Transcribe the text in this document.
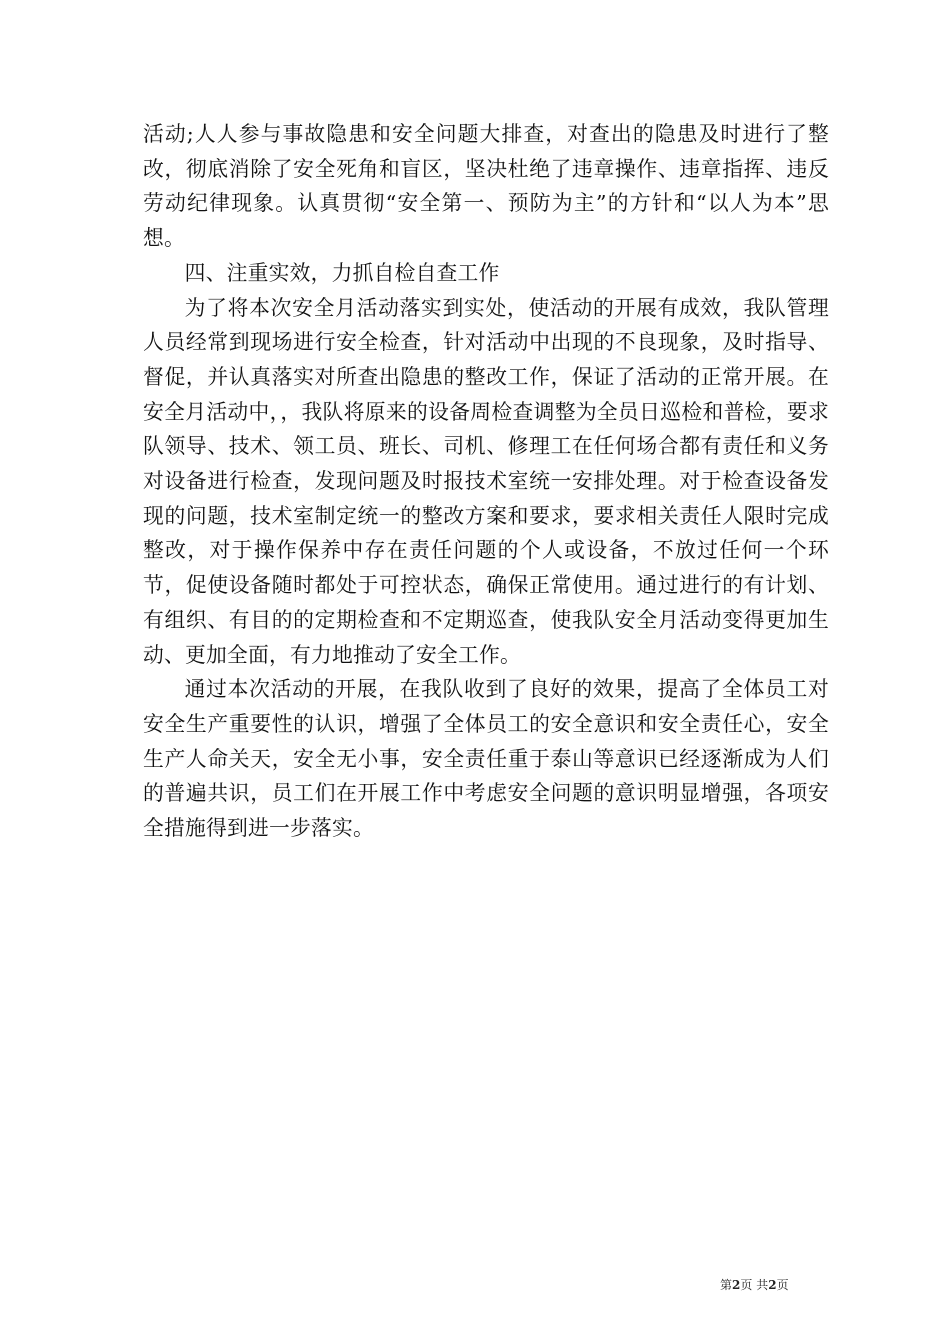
活动;人人参与事故隐患和安全问题大排查，对查出的隐患及时进行了整改，彻底消除了安全死角和盲区，坚决杜绝了违章操作、违章指挥、违反劳动纪律现象。认真贯彻“安全第一、预防为主”的方针和“以人为本”思想。

四、注重实效，力抓自检自查工作

为了将本次安全月活动落实到实处，使活动的开展有成效，我队管理人员经常到现场进行安全检查，针对活动中出现的不良现象，及时指导、督促，并认真落实对所查出隐患的整改工作，保证了活动的正常开展。在安全月活动中，，我队将原来的设备周检查调整为全员日巡检和普检，要求队领导、技术、领工员、班长、司机、修理工在任何场合都有责任和义务对设备进行检查，发现问题及时报技术室统一安排处理。对于检查设备发现的问题，技术室制定统一的整改方案和要求，要求相关责任人限时完成整改，对于操作保养中存在责任问题的个人或设备，不放过任何一个环节，促使设备随时都处于可控状态，确保正常使用。通过进行的有计划、有组织、有目的的定期检查和不定期巡查，使我队安全月活动变得更加生动、更加全面，有力地推动了安全工作。

通过本次活动的开展，在我队收到了良好的效果，提高了全体员工对安全生产重要性的认识，增强了全体员工的安全意识和安全责任心，安全生产人命关天，安全无小事，安全责任重于泰山等意识已经逐渐成为人们的普遍共识，员工们在开展工作中考虑安全问题的意识明显增强，各项安全措施得到进一步落实。

第2页 共2页
